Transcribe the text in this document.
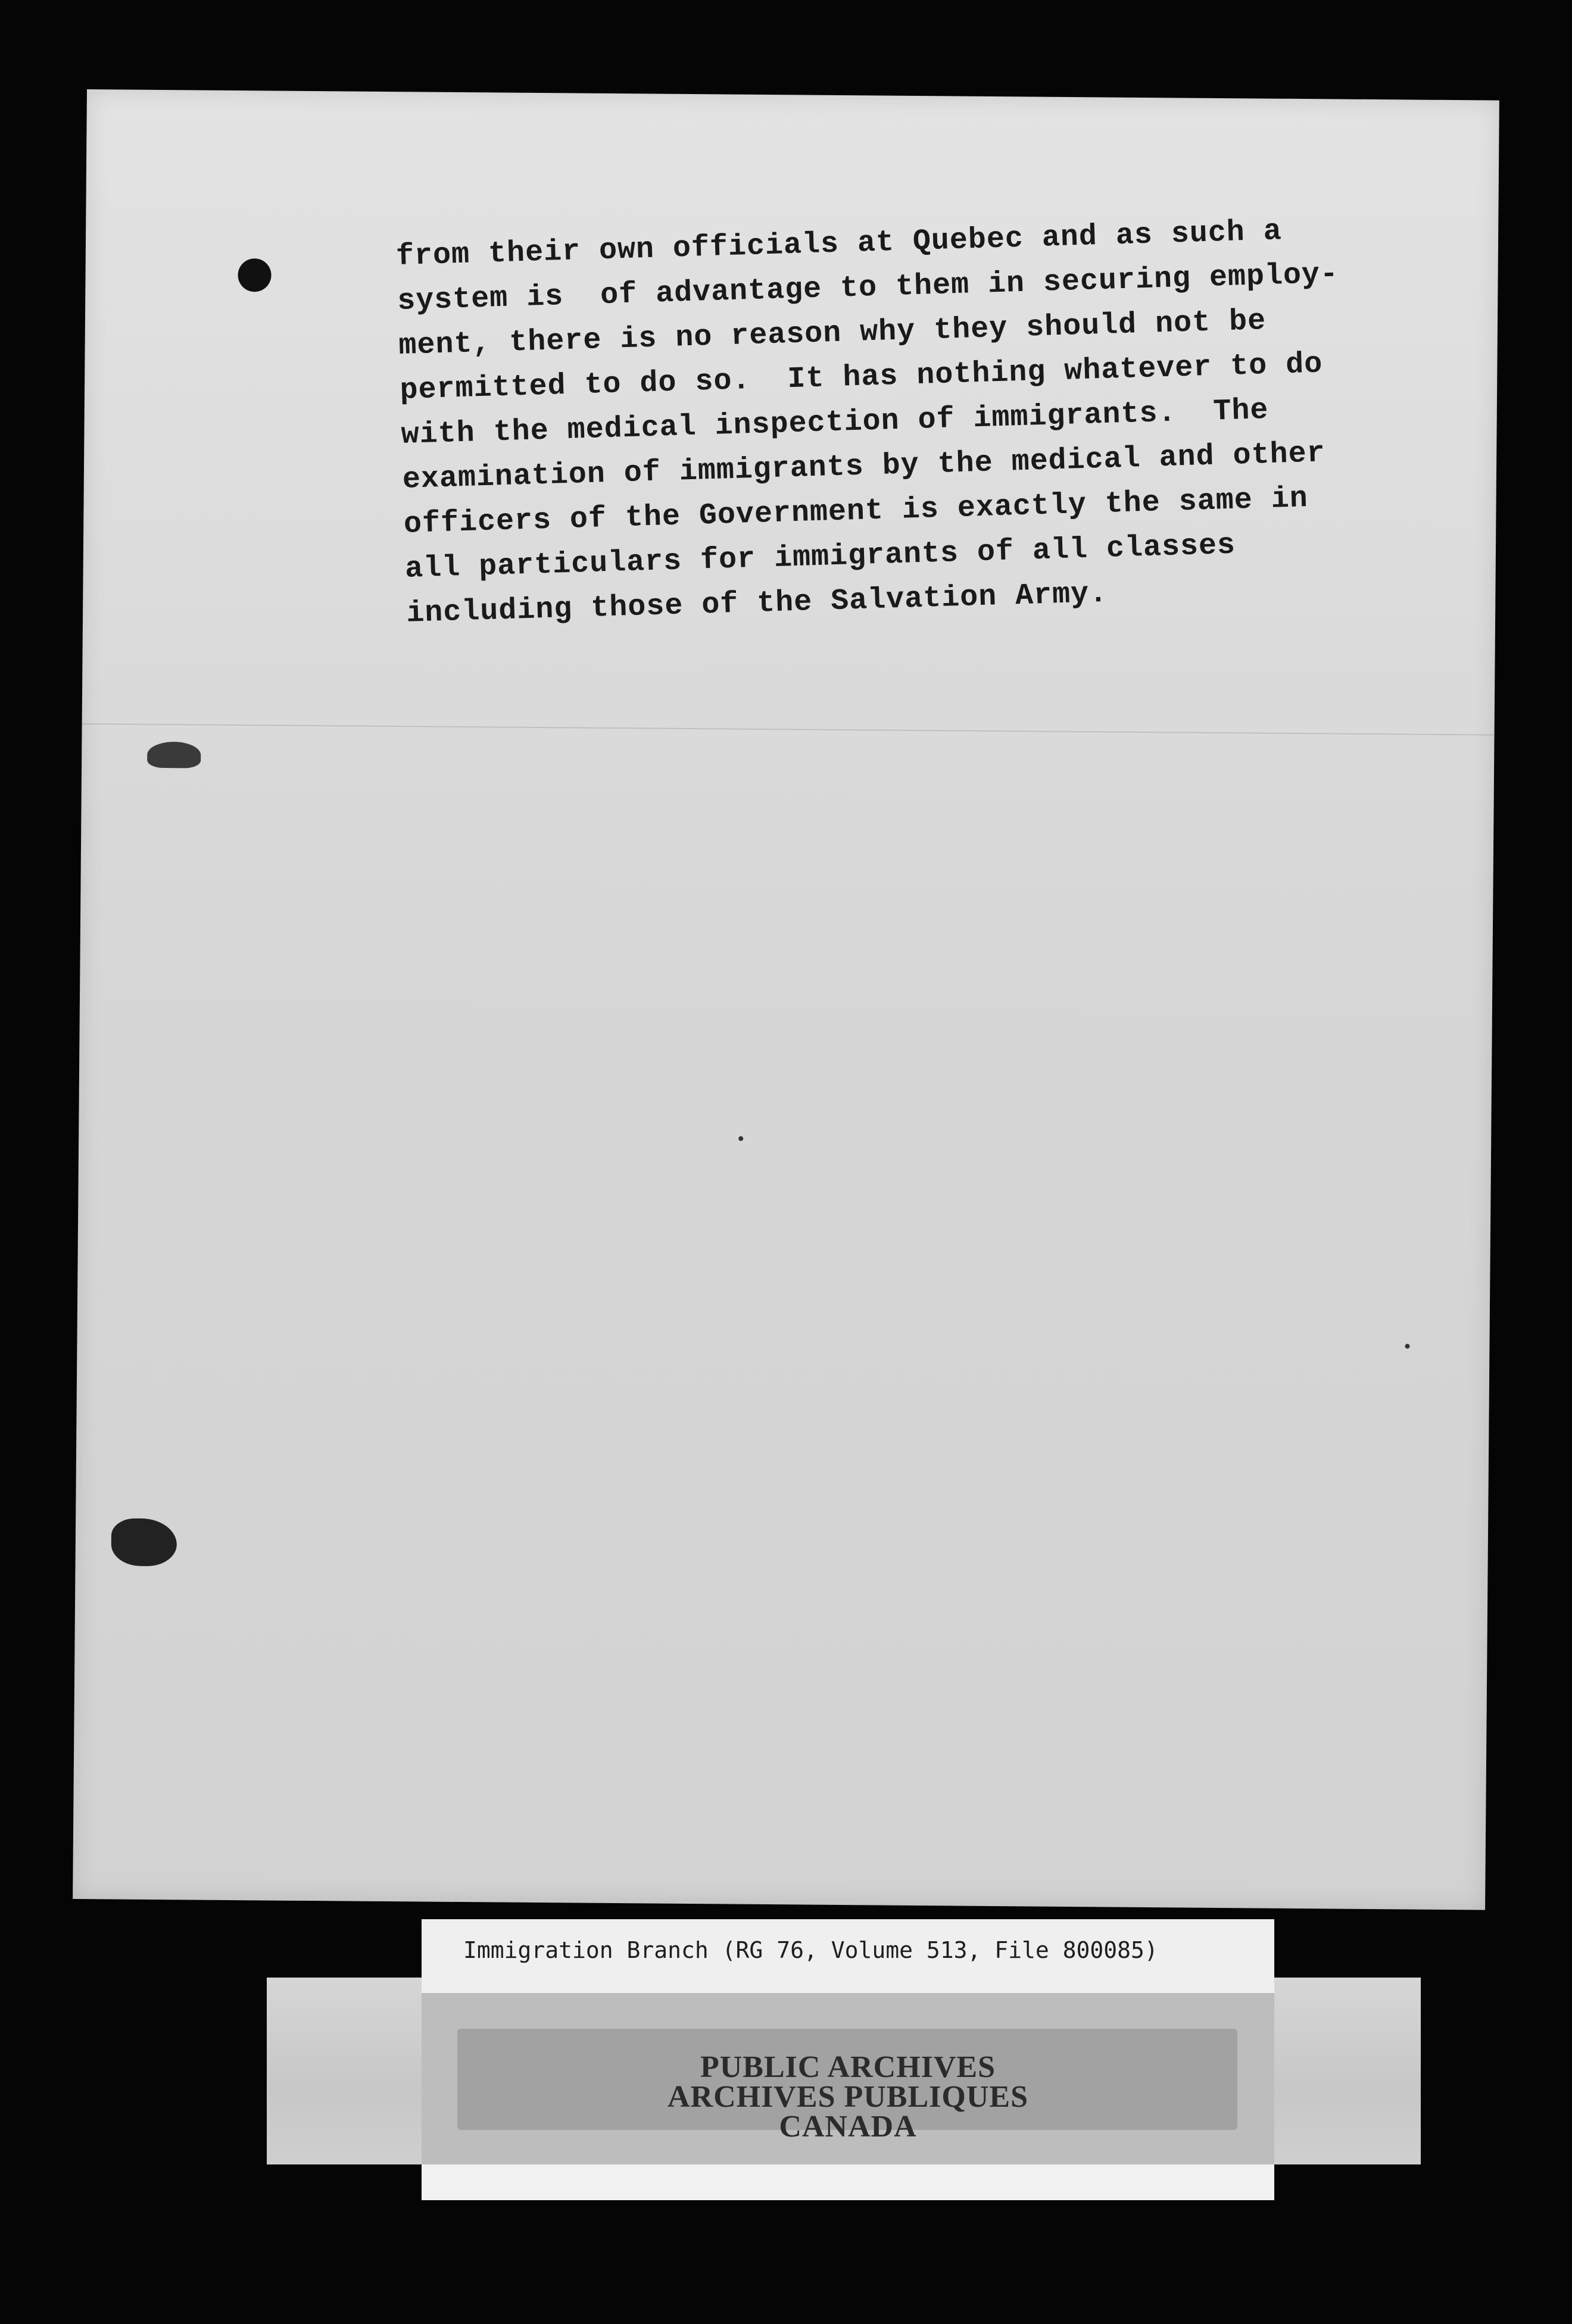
from their own officials at Quebec and as such a
system is  of advantage to them in securing employ-
ment, there is no reason why they should not be
permitted to do so.  It has nothing whatever to do
with the medical inspection of immigrants.  The
examination of immigrants by the medical and other
officers of the Government is exactly the same in
all particulars for immigrants of all classes
including those of the Salvation Army.
PUBLIC ARCHIVES
ARCHIVES PUBLIQUES
CANADA
Immigration Branch (RG 76, Volume 513, File 800085)
